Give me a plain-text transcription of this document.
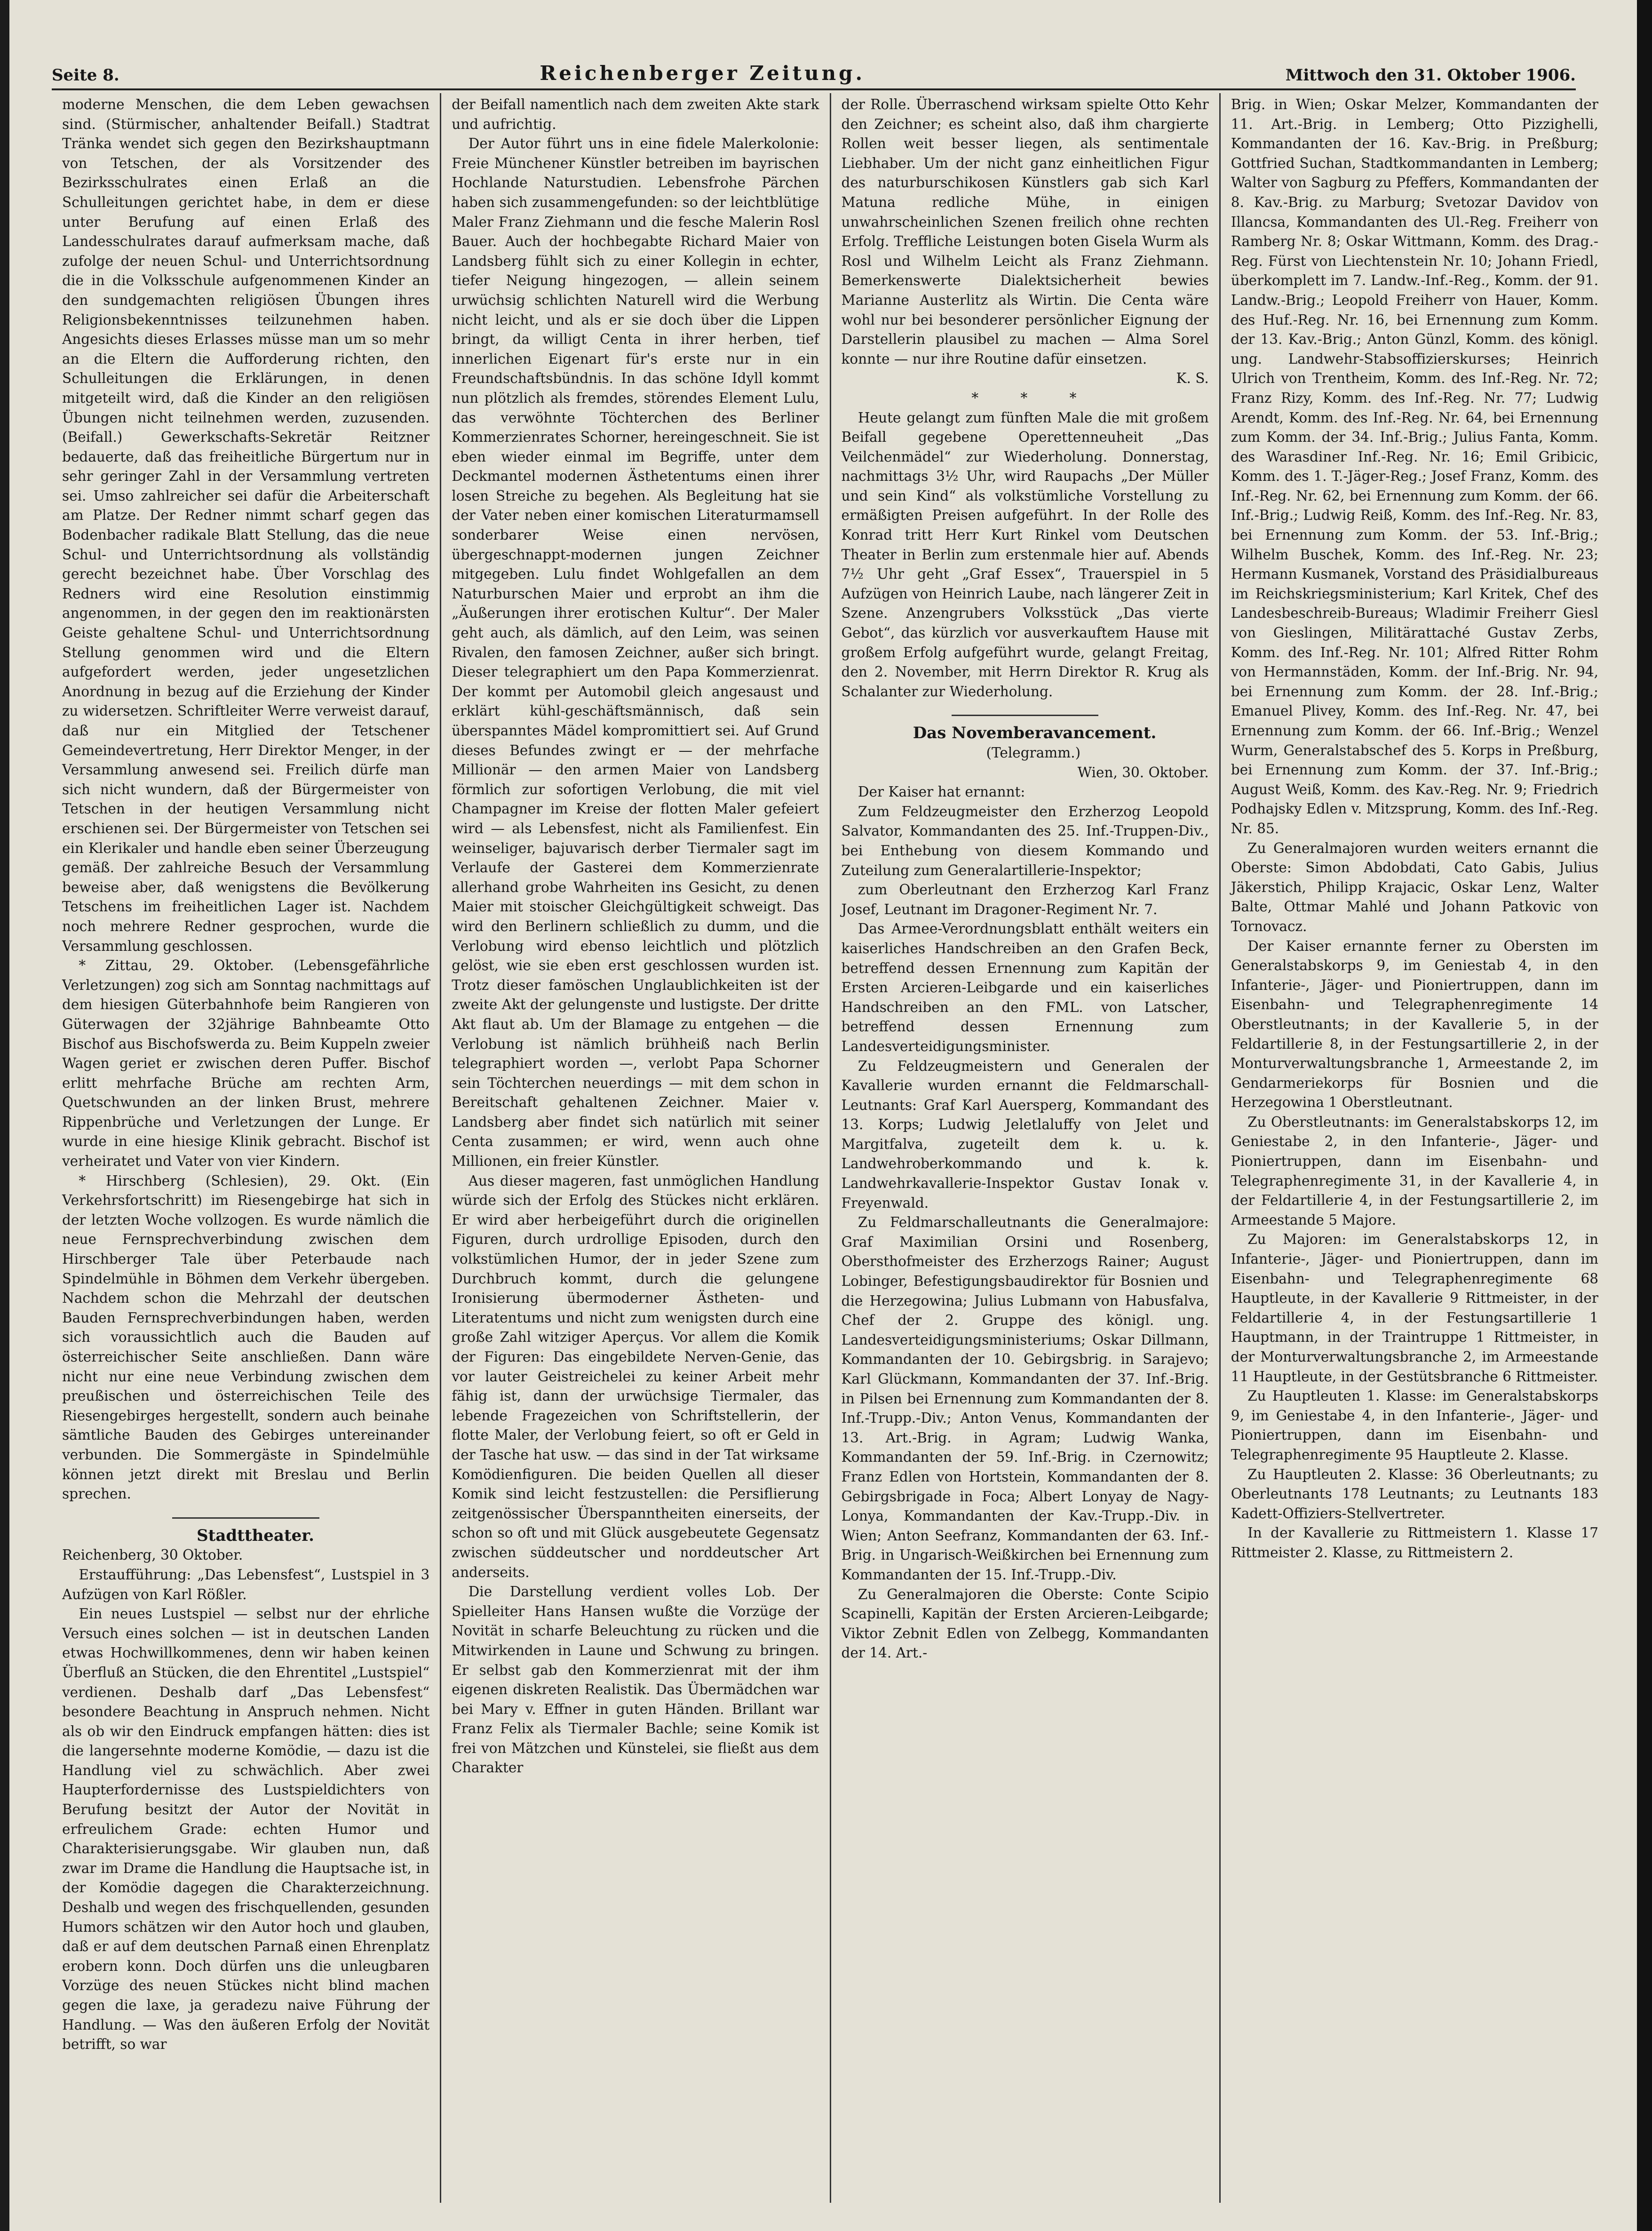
Seite 8.	Reichenberger Zeitung.	Mittwoch den 31. Oktober 1906.

moderne Menschen, die dem Leben gewachsen sind. (Stürmischer, anhaltender Beifall.) Stadtrat Tränka wendet sich gegen den Bezirkshauptmann von Tetschen, der als Vorsitzender des Bezirksschulrates einen Erlaß an die Schulleitungen gerichtet habe, in dem er diese unter Berufung auf einen Erlaß des Landesschulrates darauf aufmerksam mache, daß zufolge der neuen Schul- und Unterrichtsordnung die in die Volksschule aufgenommenen Kinder an den sundgemachten religiösen Übungen ihres Religionsbekenntnisses teilzunehmen haben. Angesichts dieses Erlasses müsse man um so mehr an die Eltern die Aufforderung richten, den Schulleitungen die Erklärungen, in denen mitgeteilt wird, daß die Kinder an den religiösen Übungen nicht teilnehmen werden, zuzusenden. (Beifall.) Gewerkschafts-Sekretär Reitzner bedauerte, daß das freiheitliche Bürgertum nur in sehr geringer Zahl in der Versammlung vertreten sei. Umso zahlreicher sei dafür die Arbeiterschaft am Platze. Der Redner nimmt scharf gegen das Bodenbacher radikale Blatt Stellung, das die neue Schul- und Unterrichtsordnung als vollständig gerecht bezeichnet habe. Über Vorschlag des Redners wird eine Resolution einstimmig angenommen, in der gegen den im reaktionärsten Geiste gehaltene Schul- und Unterrichtsordnung Stellung genommen wird und die Eltern aufgefordert werden, jeder ungesetzlichen Anordnung in bezug auf die Erziehung der Kinder zu widersetzen. Schriftleiter Werre verweist darauf, daß nur ein Mitglied der Tetschener Gemeindevertretung, Herr Direktor Menger, in der Versammlung anwesend sei. Freilich dürfe man sich nicht wundern, daß der Bürgermeister von Tetschen in der heutigen Versammlung nicht erschienen sei. Der Bürgermeister von Tetschen sei ein Klerikaler und handle eben seiner Überzeugung gemäß. Der zahlreiche Besuch der Versammlung beweise aber, daß wenigstens die Bevölkerung Tetschens im freiheitlichen Lager ist. Nachdem noch mehrere Redner gesprochen, wurde die Versammlung geschlossen.

* Zittau, 29. Oktober. (Lebensgefährliche Verletzungen) zog sich am Sonntag nachmittags auf dem hiesigen Güterbahnhofe beim Rangieren von Güterwagen der 32jährige Bahnbeamte Otto Bischof aus Bischofswerda zu. Beim Kuppeln zweier Wagen geriet er zwischen deren Puffer. Bischof erlitt mehrfache Brüche am rechten Arm, Quetschwunden an der linken Brust, mehrere Rippenbrüche und Verletzungen der Lunge. Er wurde in eine hiesige Klinik gebracht. Bischof ist verheiratet und Vater von vier Kindern.

* Hirschberg (Schlesien), 29. Okt. (Ein Verkehrsfortschritt) im Riesengebirge hat sich in der letzten Woche vollzogen. Es wurde nämlich die neue Fernsprechverbindung zwischen dem Hirschberger Tale über Peterbaude nach Spindelmühle in Böhmen dem Verkehr übergeben. Nachdem schon die Mehrzahl der deutschen Bauden Fernsprechverbindungen haben, werden sich voraussichtlich auch die Bauden auf österreichischer Seite anschließen. Dann wäre nicht nur eine neue Verbindung zwischen dem preußischen und österreichischen Teile des Riesengebirges hergestellt, sondern auch beinahe sämtliche Bauden des Gebirges untereinander verbunden. Die Sommergäste in Spindelmühle können jetzt direkt mit Breslau und Berlin sprechen.

Stadttheater.

Reichenberg, 30 Oktober.

Erstaufführung: „Das Lebensfest“, Lustspiel in 3 Aufzügen von Karl Rößler.

Ein neues Lustspiel — selbst nur der ehrliche Versuch eines solchen — ist in deutschen Landen etwas Hochwillkommenes, denn wir haben keinen Überfluß an Stücken, die den Ehrentitel „Lustspiel“ verdienen. Deshalb darf „Das Lebensfest“ besondere Beachtung in Anspruch nehmen. Nicht als ob wir den Eindruck empfangen hätten: dies ist die langersehnte moderne Komödie, — dazu ist die Handlung viel zu schwächlich. Aber zwei Haupterfordernisse des Lustspieldichters von Berufung besitzt der Autor der Novität in erfreulichem Grade: echten Humor und Charakterisierungsgabe. Wir glauben nun, daß zwar im Drame die Handlung die Hauptsache ist, in der Komödie dagegen die Charakterzeichnung. Deshalb und wegen des frischquellenden, gesunden Humors schätzen wir den Autor hoch und glauben, daß er auf dem deutschen Parnaß einen Ehrenplatz erobern konn. Doch dürfen uns die unleugbaren Vorzüge des neuen Stückes nicht blind machen gegen die laxe, ja geradezu naive Führung der Handlung. — Was den äußeren Erfolg der Novität betrifft, so war

der Beifall namentlich nach dem zweiten Akte stark und aufrichtig.

Der Autor führt uns in eine fidele Malerkolonie: Freie Münchener Künstler betreiben im bayrischen Hochlande Naturstudien. Lebensfrohe Pärchen haben sich zusammengefunden: so der leichtblütige Maler Franz Ziehmann und die fesche Malerin Rosl Bauer. Auch der hochbegabte Richard Maier von Landsberg fühlt sich zu einer Kollegin in echter, tiefer Neigung hingezogen, — allein seinem urwüchsig schlichten Naturell wird die Werbung nicht leicht, und als er sie doch über die Lippen bringt, da willigt Centa in ihrer herben, tief innerlichen Eigenart für's erste nur in ein Freundschaftsbündnis. In das schöne Idyll kommt nun plötzlich als fremdes, störendes Element Lulu, das verwöhnte Töchterchen des Berliner Kommerzienrates Schorner, hereingeschneit. Sie ist eben wieder einmal im Begriffe, unter dem Deckmantel modernen Ästhetentums einen ihrer losen Streiche zu begehen. Als Begleitung hat sie der Vater neben einer komischen Literaturmamsell sonderbarer Weise einen nervösen, übergeschnappt-modernen jungen Zeichner mitgegeben. Lulu findet Wohlgefallen an dem Naturburschen Maier und erprobt an ihm die „Äußerungen ihrer erotischen Kultur“. Der Maler geht auch, als dämlich, auf den Leim, was seinen Rivalen, den famosen Zeichner, außer sich bringt. Dieser telegraphiert um den Papa Kommerzienrat. Der kommt per Automobil gleich angesaust und erklärt kühl-geschäftsmännisch, daß sein überspanntes Mädel kompromittiert sei. Auf Grund dieses Befundes zwingt er — der mehrfache Millionär — den armen Maier von Landsberg förmlich zur sofortigen Verlobung, die mit viel Champagner im Kreise der flotten Maler gefeiert wird — als Lebensfest, nicht als Familienfest. Ein weinseliger, bajuvarisch derber Tiermaler sagt im Verlaufe der Gasterei dem Kommerzienrate allerhand grobe Wahrheiten ins Gesicht, zu denen Maier mit stoischer Gleichgültigkeit schweigt. Das wird den Berlinern schließlich zu dumm, und die Verlobung wird ebenso leichtlich und plötzlich gelöst, wie sie eben erst geschlossen wurden ist. Trotz dieser famöschen Unglaublichkeiten ist der zweite Akt der gelungenste und lustigste. Der dritte Akt flaut ab. Um der Blamage zu entgehen — die Verlobung ist nämlich brühheiß nach Berlin telegraphiert worden —, verlobt Papa Schorner sein Töchterchen neuerdings — mit dem schon in Bereitschaft gehaltenen Zeichner. Maier v. Landsberg aber findet sich natürlich mit seiner Centa zusammen; er wird, wenn auch ohne Millionen, ein freier Künstler.

Aus dieser mageren, fast unmöglichen Handlung würde sich der Erfolg des Stückes nicht erklären. Er wird aber herbeigeführt durch die originellen Figuren, durch urdrollige Episoden, durch den volkstümlichen Humor, der in jeder Szene zum Durchbruch kommt, durch die gelungene Ironisierung übermoderner Ästheten- und Literatentums und nicht zum wenigsten durch eine große Zahl witziger Aperçus. Vor allem die Komik der Figuren: Das eingebildete Nerven-Genie, das vor lauter Geistreichelei zu keiner Arbeit mehr fähig ist, dann der urwüchsige Tiermaler, das lebende Fragezeichen von Schriftstellerin, der flotte Maler, der Verlobung feiert, so oft er Geld in der Tasche hat usw. — das sind in der Tat wirksame Komödienfiguren. Die beiden Quellen all dieser Komik sind leicht festzustellen: die Persiflierung zeitgenössischer Überspanntheiten einerseits, der schon so oft und mit Glück ausgebeutete Gegensatz zwischen süddeutscher und norddeutscher Art anderseits.

Die Darstellung verdient volles Lob. Der Spielleiter Hans Hansen wußte die Vorzüge der Novität in scharfe Beleuchtung zu rücken und die Mitwirkenden in Laune und Schwung zu bringen. Er selbst gab den Kommerzienrat mit der ihm eigenen diskreten Realistik. Das Übermädchen war bei Mary v. Effner in guten Händen. Brillant war Franz Felix als Tiermaler Bachle; seine Komik ist frei von Mätzchen und Künstelei, sie fließt aus dem Charakter

der Rolle. Überraschend wirksam spielte Otto Kehr den Zeichner; es scheint also, daß ihm chargierte Rollen weit besser liegen, als sentimentale Liebhaber. Um der nicht ganz einheitlichen Figur des naturburschikosen Künstlers gab sich Karl Matuna redliche Mühe, in einigen unwahrscheinlichen Szenen freilich ohne rechten Erfolg. Treffliche Leistungen boten Gisela Wurm als Rosl und Wilhelm Leicht als Franz Ziehmann. Bemerkenswerte Dialektsicherheit bewies Marianne Austerlitz als Wirtin. Die Centa wäre wohl nur bei besonderer persönlicher Eignung der Darstellerin plausibel zu machen — Alma Sorel konnte — nur ihre Routine dafür einsetzen.

K. S.

* * *

Heute gelangt zum fünften Male die mit großem Beifall gegebene Operettenneuheit „Das Veilchenmädel“ zur Wiederholung. Donnerstag, nachmittags 3½ Uhr, wird Raupachs „Der Müller und sein Kind“ als volkstümliche Vorstellung zu ermäßigten Preisen aufgeführt. In der Rolle des Konrad tritt Herr Kurt Rinkel vom Deutschen Theater in Berlin zum erstenmale hier auf. Abends 7½ Uhr geht „Graf Essex“, Trauerspiel in 5 Aufzügen von Heinrich Laube, nach längerer Zeit in Szene. Anzengrubers Volksstück „Das vierte Gebot“, das kürzlich vor ausverkauftem Hause mit großem Erfolg aufgeführt wurde, gelangt Freitag, den 2. November, mit Herrn Direktor R. Krug als Schalanter zur Wiederholung.

Das Novemberavancement.

(Telegramm.)

Wien, 30. Oktober.

Der Kaiser hat ernannt:

Zum Feldzeugmeister den Erzherzog Leopold Salvator, Kommandanten des 25. Inf.-Truppen-Div., bei Enthebung von diesem Kommando und Zuteilung zum Generalartillerie-Inspektor;

zum Oberleutnant den Erzherzog Karl Franz Josef, Leutnant im Dragoner-Regiment Nr. 7.

Das Armee-Verordnungsblatt enthält weiters ein kaiserliches Handschreiben an den Grafen Beck, betreffend dessen Ernennung zum Kapitän der Ersten Arcieren-Leibgarde und ein kaiserliches Handschreiben an den FML. von Latscher, betreffend dessen Ernennung zum Landesverteidigungsminister.

Zu Feldzeugmeistern und Generalen der Kavallerie wurden ernannt die Feldmarschall-Leutnants: Graf Karl Auersperg, Kommandant des 13. Korps; Ludwig Jeletlaluffy von Jelet und Margitfalva, zugeteilt dem k. u. k. Landwehroberkommando und k. k. Landwehrkavallerie-Inspektor Gustav Ionak v. Freyenwald.

Zu Feldmarschalleutnants die Generalmajore: Graf Maximilian Orsini und Rosenberg, Obersthofmeister des Erzherzogs Rainer; August Lobinger, Befestigungsbaudirektor für Bosnien und die Herzegowina; Julius Lubmann von Habusfalva, Chef der 2. Gruppe des königl. ung. Landesverteidigungsministeriums; Oskar Dillmann, Kommandanten der 10. Gebirgsbrig. in Sarajevo; Karl Glückmann, Kommandanten der 37. Inf.-Brig. in Pilsen bei Ernennung zum Kommandanten der 8. Inf.-Trupp.-Div.; Anton Venus, Kommandanten der 13. Art.-Brig. in Agram; Ludwig Wanka, Kommandanten der 59. Inf.-Brig. in Czernowitz; Franz Edlen von Hortstein, Kommandanten der 8. Gebirgsbrigade in Foca; Albert Lonyay de Nagy-Lonya, Kommandanten der Kav.-Trupp.-Div. in Wien; Anton Seefranz, Kommandanten der 63. Inf.-Brig. in Ungarisch-Weißkirchen bei Ernennung zum Kommandanten der 15. Inf.-Trupp.-Div.

Zu Generalmajoren die Oberste: Conte Scipio Scapinelli, Kapitän der Ersten Arcieren-Leibgarde; Viktor Zebnit Edlen von Zelbegg, Kommandanten der 14. Art.-

Brig. in Wien; Oskar Melzer, Kommandanten der 11. Art.-Brig. in Lemberg; Otto Pizzighelli, Kommandanten der 16. Kav.-Brig. in Preßburg; Gottfried Suchan, Stadtkommandanten in Lemberg; Walter von Sagburg zu Pfeffers, Kommandanten der 8. Kav.-Brig. zu Marburg; Svetozar Davidov von Illancsa, Kommandanten des Ul.-Reg. Freiherr von Ramberg Nr. 8; Oskar Wittmann, Komm. des Drag.-Reg. Fürst von Liechtenstein Nr. 10; Johann Friedl, überkomplett im 7. Landw.-Inf.-Reg., Komm. der 91. Landw.-Brig.; Leopold Freiherr von Hauer, Komm. des Huf.-Reg. Nr. 16, bei Ernennung zum Komm. der 13. Kav.-Brig.; Anton Günzl, Komm. des königl. ung. Landwehr-Stabsoffizierskurses; Heinrich Ulrich von Trentheim, Komm. des Inf.-Reg. Nr. 72; Franz Rizy, Komm. des Inf.-Reg. Nr. 77; Ludwig Arendt, Komm. des Inf.-Reg. Nr. 64, bei Ernennung zum Komm. der 34. Inf.-Brig.; Julius Fanta, Komm. des Warasdiner Inf.-Reg. Nr. 16; Emil Gribicic, Komm. des 1. T.-Jäger-Reg.; Josef Franz, Komm. des Inf.-Reg. Nr. 62, bei Ernennung zum Komm. der 66. Inf.-Brig.; Ludwig Reiß, Komm. des Inf.-Reg. Nr. 83, bei Ernennung zum Komm. der 53. Inf.-Brig.; Wilhelm Buschek, Komm. des Inf.-Reg. Nr. 23; Hermann Kusmanek, Vorstand des Präsidialbureaus im Reichskriegsministerium; Karl Kritek, Chef des Landesbeschreib-Bureaus; Wladimir Freiherr Giesl von Gieslingen, Militärattaché Gustav Zerbs, Komm. des Inf.-Reg. Nr. 101; Alfred Ritter Rohm von Hermannstäden, Komm. der Inf.-Brig. Nr. 94, bei Ernennung zum Komm. der 28. Inf.-Brig.; Emanuel Plivey, Komm. des Inf.-Reg. Nr. 47, bei Ernennung zum Komm. der 66. Inf.-Brig.; Wenzel Wurm, Generalstabschef des 5. Korps in Preßburg, bei Ernennung zum Komm. der 37. Inf.-Brig.; August Weiß, Komm. des Kav.-Reg. Nr. 9; Friedrich Podhajsky Edlen v. Mitzsprung, Komm. des Inf.-Reg. Nr. 85.

Zu Generalmajoren wurden weiters ernannt die Oberste: Simon Abdobdati, Cato Gabis, Julius Jäkerstich, Philipp Krajacic, Oskar Lenz, Walter Balte, Ottmar Mahlé und Johann Patkovic von Tornovacz.

Der Kaiser ernannte ferner zu Obersten im Generalstabskorps 9, im Geniestab 4, in den Infanterie-, Jäger- und Pioniertruppen, dann im Eisenbahn- und Telegraphenregimente 14 Oberstleutnants; in der Kavallerie 5, in der Feldartillerie 8, in der Festungsartillerie 2, in der Monturverwaltungsbranche 1, Armeestande 2, im Gendarmeriekorps für Bosnien und die Herzegowina 1 Oberstleutnant.

Zu Oberstleutnants: im Generalstabskorps 12, im Geniestabe 2, in den Infanterie-, Jäger- und Pioniertruppen, dann im Eisenbahn- und Telegraphenregimente 31, in der Kavallerie 4, in der Feldartillerie 4, in der Festungsartillerie 2, im Armeestande 5 Majore.

Zu Majoren: im Generalstabskorps 12, in Infanterie-, Jäger- und Pioniertruppen, dann im Eisenbahn- und Telegraphenregimente 68 Hauptleute, in der Kavallerie 9 Rittmeister, in der Feldartillerie 4, in der Festungsartillerie 1 Hauptmann, in der Traintruppe 1 Rittmeister, in der Monturverwaltungsbranche 2, im Armeestande 11 Hauptleute, in der Gestütsbranche 6 Rittmeister.

Zu Hauptleuten 1. Klasse: im Generalstabskorps 9, im Geniestabe 4, in den Infanterie-, Jäger- und Pioniertruppen, dann im Eisenbahn- und Telegraphenregimente 95 Hauptleute 2. Klasse.

Zu Hauptleuten 2. Klasse: 36 Oberleutnants; zu Oberleutnants 178 Leutnants; zu Leutnants 183 Kadett-Offiziers-Stellvertreter.

In der Kavallerie zu Rittmeistern 1. Klasse 17 Rittmeister 2. Klasse, zu Rittmeistern 2.
